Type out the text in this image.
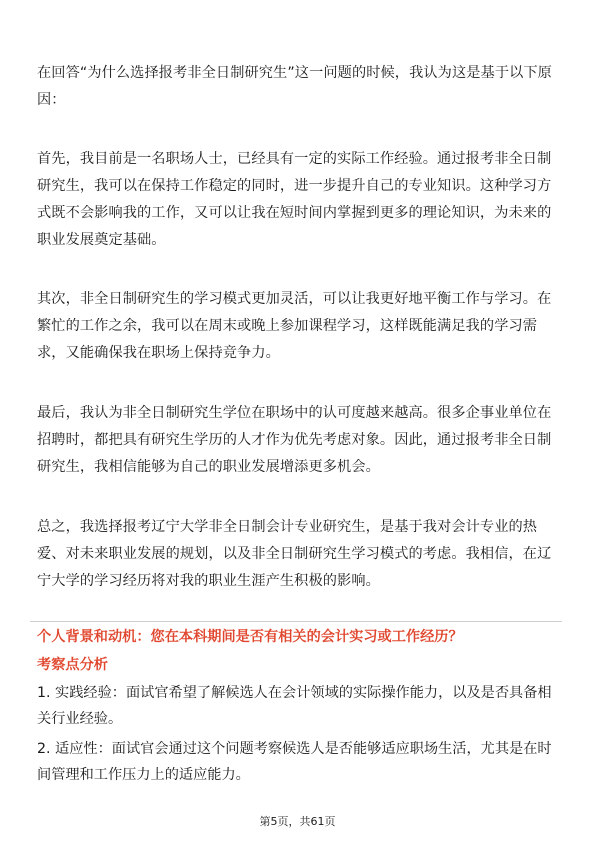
在回答“为什么选择报考非全日制研究生”这一问题的时候，我认为这是基于以下原因：

首先，我目前是一名职场人士，已经具有一定的实际工作经验。通过报考非全日制研究生，我可以在保持工作稳定的同时，进一步提升自己的专业知识。这种学习方式既不会影响我的工作，又可以让我在短时间内掌握到更多的理论知识，为未来的职业发展奠定基础。

其次，非全日制研究生的学习模式更加灵活，可以让我更好地平衡工作与学习。在繁忙的工作之余，我可以在周末或晚上参加课程学习，这样既能满足我的学习需求，又能确保我在职场上保持竞争力。

最后，我认为非全日制研究生学位在职场中的认可度越来越高。很多企事业单位在招聘时，都把具有研究生学历的人才作为优先考虑对象。因此，通过报考非全日制研究生，我相信能够为自己的职业发展增添更多机会。

总之，我选择报考辽宁大学非全日制会计专业研究生，是基于我对会计专业的热爱、对未来职业发展的规划，以及非全日制研究生学习模式的考虑。我相信，在辽宁大学的学习经历将对我的职业生涯产生积极的影响。

个人背景和动机：您在本科期间是否有相关的会计实习或工作经历？

考察点分析

1. 实践经验：面试官希望了解候选人在会计领域的实际操作能力，以及是否具备相关行业经验。

2. 适应性：面试官会通过这个问题考察候选人是否能够适应职场生活，尤其是在时间管理和工作压力上的适应能力。

第5页，共61页
